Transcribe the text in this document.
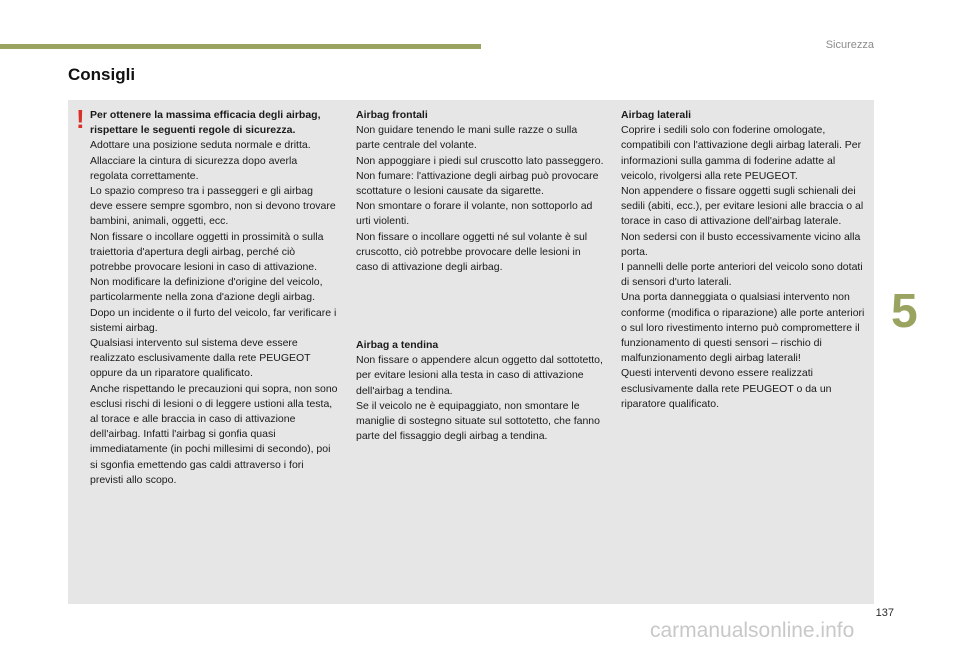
Sicurezza
Consigli
! Per ottenere la massima efficacia degli airbag, rispettare le seguenti regole di sicurezza.

Adottare una posizione seduta normale e dritta.

Allacciare la cintura di sicurezza dopo averla regolata correttamente.

Lo spazio compreso tra i passeggeri e gli airbag deve essere sempre sgombro, non si devono trovare bambini, animali, oggetti, ecc.

Non fissare o incollare oggetti in prossimità o sulla traiettoria d'apertura degli airbag, perché ciò potrebbe provocare lesioni in caso di attivazione.

Non modificare la definizione d'origine del veicolo, particolarmente nella zona d'azione degli airbag.

Dopo un incidente o il furto del veicolo, far verificare i sistemi airbag.

Qualsiasi intervento sul sistema deve essere realizzato esclusivamente dalla rete PEUGEOT oppure da un riparatore qualificato.

Anche rispettando le precauzioni qui sopra, non sono esclusi rischi di lesioni o di leggere ustioni alla testa, al torace e alle braccia in caso di attivazione dell'airbag. Infatti l'airbag si gonfia quasi immediatamente (in pochi millesimi di secondo), poi si sgonfia emettendo gas caldi attraverso i fori previsti allo scopo.

Airbag frontali

Non guidare tenendo le mani sulle razze o sulla parte centrale del volante.

Non appoggiare i piedi sul cruscotto lato passeggero.

Non fumare: l'attivazione degli airbag può provocare scottature o lesioni causate da sigarette.

Non smontare o forare il volante, non sottoporlo ad urti violenti.

Non fissare o incollare oggetti né sul volante è sul cruscotto, ciò potrebbe provocare delle lesioni in caso di attivazione degli airbag.

Airbag a tendina

Non fissare o appendere alcun oggetto dal sottotetto, per evitare lesioni alla testa in caso di attivazione dell'airbag a tendina.

Se il veicolo ne è equipaggiato, non smontare le maniglie di sostegno situate sul sottotetto, che fanno parte del fissaggio degli airbag a tendina.

Airbag laterali

Coprire i sedili solo con foderine omologate, compatibili con l'attivazione degli airbag laterali. Per informazioni sulla gamma di foderine adatte al veicolo, rivolgersi alla rete PEUGEOT.

Non appendere o fissare oggetti sugli schienali dei sedili (abiti, ecc.), per evitare lesioni alle braccia o al torace in caso di attivazione dell'airbag laterale.

Non sedersi con il busto eccessivamente vicino alla porta.

I pannelli delle porte anteriori del veicolo sono dotati di sensori d'urto laterali.

Una porta danneggiata o qualsiasi intervento non conforme (modifica o riparazione) alle porte anteriori o sul loro rivestimento interno può compromettere il funzionamento di questi sensori – rischio di malfunzionamento degli airbag laterali!

Questi interventi devono essere realizzati esclusivamente dalla rete PEUGEOT o da un riparatore qualificato.

5
137
carmanualsonline.info
